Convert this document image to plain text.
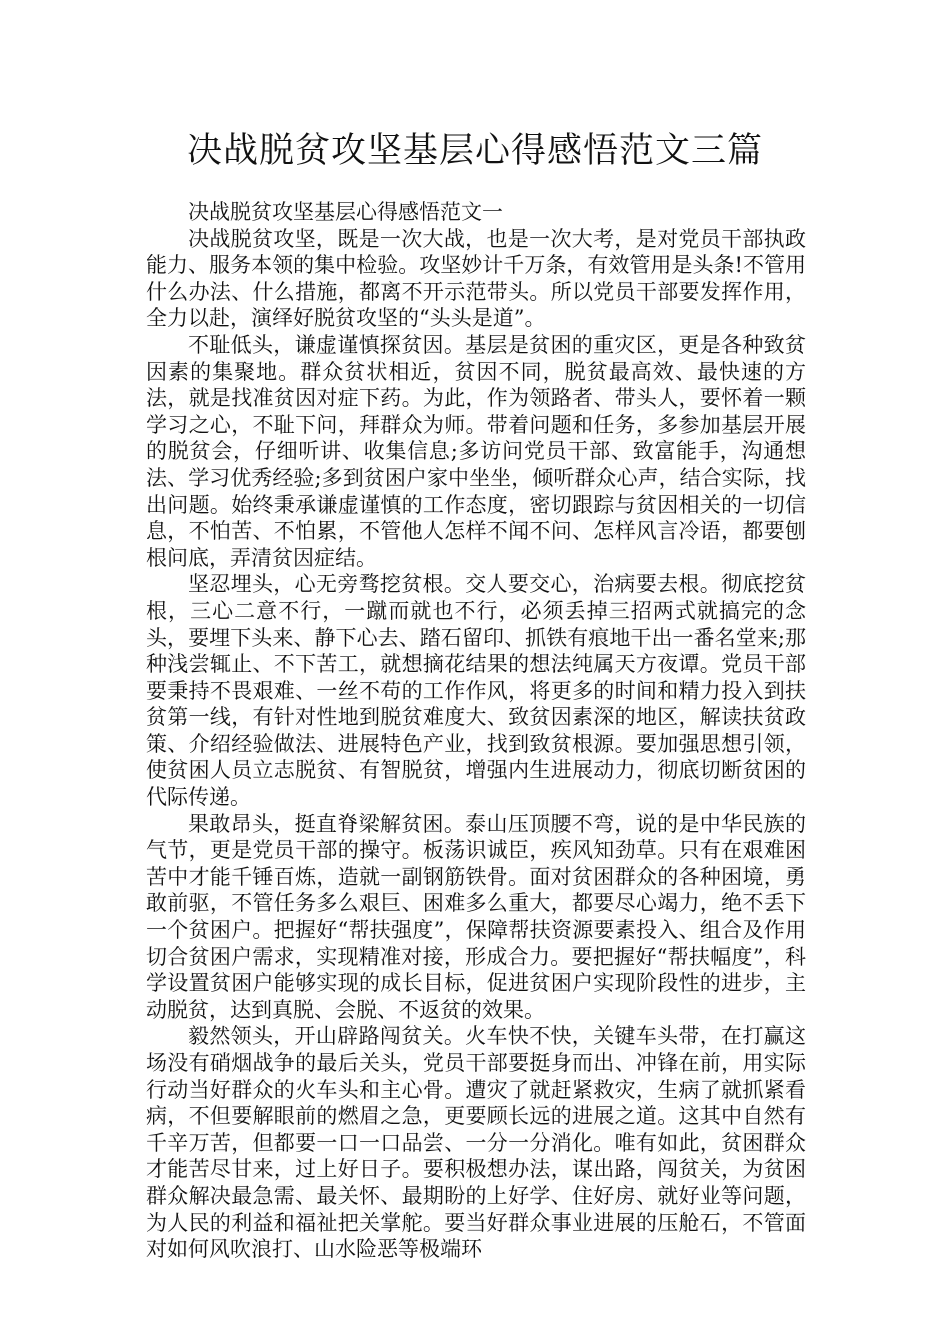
决战脱贫攻坚基层心得感悟范文三篇

决战脱贫攻坚基层心得感悟范文一

决战脱贫攻坚，既是一次大战，也是一次大考，是对党员干部执政能力、服务本领的集中检验。攻坚妙计千万条，有效管用是头条!不管用什么办法、什么措施，都离不开示范带头。所以党员干部要发挥作用，全力以赴，演绎好脱贫攻坚的“头头是道”。

不耻低头，谦虚谨慎探贫因。基层是贫困的重灾区，更是各种致贫因素的集聚地。群众贫状相近，贫因不同，脱贫最高效、最快速的方法，就是找准贫因对症下药。为此，作为领路者、带头人，要怀着一颗学习之心，不耻下问，拜群众为师。带着问题和任务，多参加基层开展的脱贫会，仔细听讲、收集信息;多访问党员干部、致富能手，沟通想法、学习优秀经验;多到贫困户家中坐坐，倾听群众心声，结合实际，找出问题。始终秉承谦虚谨慎的工作态度，密切跟踪与贫因相关的一切信息，不怕苦、不怕累，不管他人怎样不闻不问、怎样风言冷语，都要刨根问底，弄清贫因症结。

坚忍埋头，心无旁骛挖贫根。交人要交心，治病要去根。彻底挖贫根，三心二意不行，一蹴而就也不行，必须丢掉三招两式就搞完的念头，要埋下头来、静下心去、踏石留印、抓铁有痕地干出一番名堂来;那种浅尝辄止、不下苦工，就想摘花结果的想法纯属天方夜谭。党员干部要秉持不畏艰难、一丝不苟的工作作风，将更多的时间和精力投入到扶贫第一线，有针对性地到脱贫难度大、致贫因素深的地区，解读扶贫政策、介绍经验做法、进展特色产业，找到致贫根源。要加强思想引领，使贫困人员立志脱贫、有智脱贫，增强内生进展动力，彻底切断贫困的代际传递。

果敢昂头，挺直脊梁解贫困。泰山压顶腰不弯，说的是中华民族的气节，更是党员干部的操守。板荡识诚臣，疾风知劲草。只有在艰难困苦中才能千锤百炼，造就一副钢筋铁骨。面对贫困群众的各种困境，勇敢前驱，不管任务多么艰巨、困难多么重大，都要尽心竭力，绝不丢下一个贫困户。把握好“帮扶强度”，保障帮扶资源要素投入、组合及作用切合贫困户需求，实现精准对接，形成合力。要把握好“帮扶幅度”，科学设置贫困户能够实现的成长目标，促进贫困户实现阶段性的进步，主动脱贫，达到真脱、会脱、不返贫的效果。

毅然领头，开山辟路闯贫关。火车快不快，关键车头带，在打赢这场没有硝烟战争的最后关头，党员干部要挺身而出、冲锋在前，用实际行动当好群众的火车头和主心骨。遭灾了就赶紧救灾，生病了就抓紧看病，不但要解眼前的燃眉之急，更要顾长远的进展之道。这其中自然有千辛万苦，但都要一口一口品尝、一分一分消化。唯有如此，贫困群众才能苦尽甘来，过上好日子。要积极想办法，谋出路，闯贫关，为贫困群众解决最急需、最关怀、最期盼的上好学、住好房、就好业等问题，为人民的利益和福祉把关掌舵。要当好群众事业进展的压舱石，不管面对如何风吹浪打、山水险恶等极端环
